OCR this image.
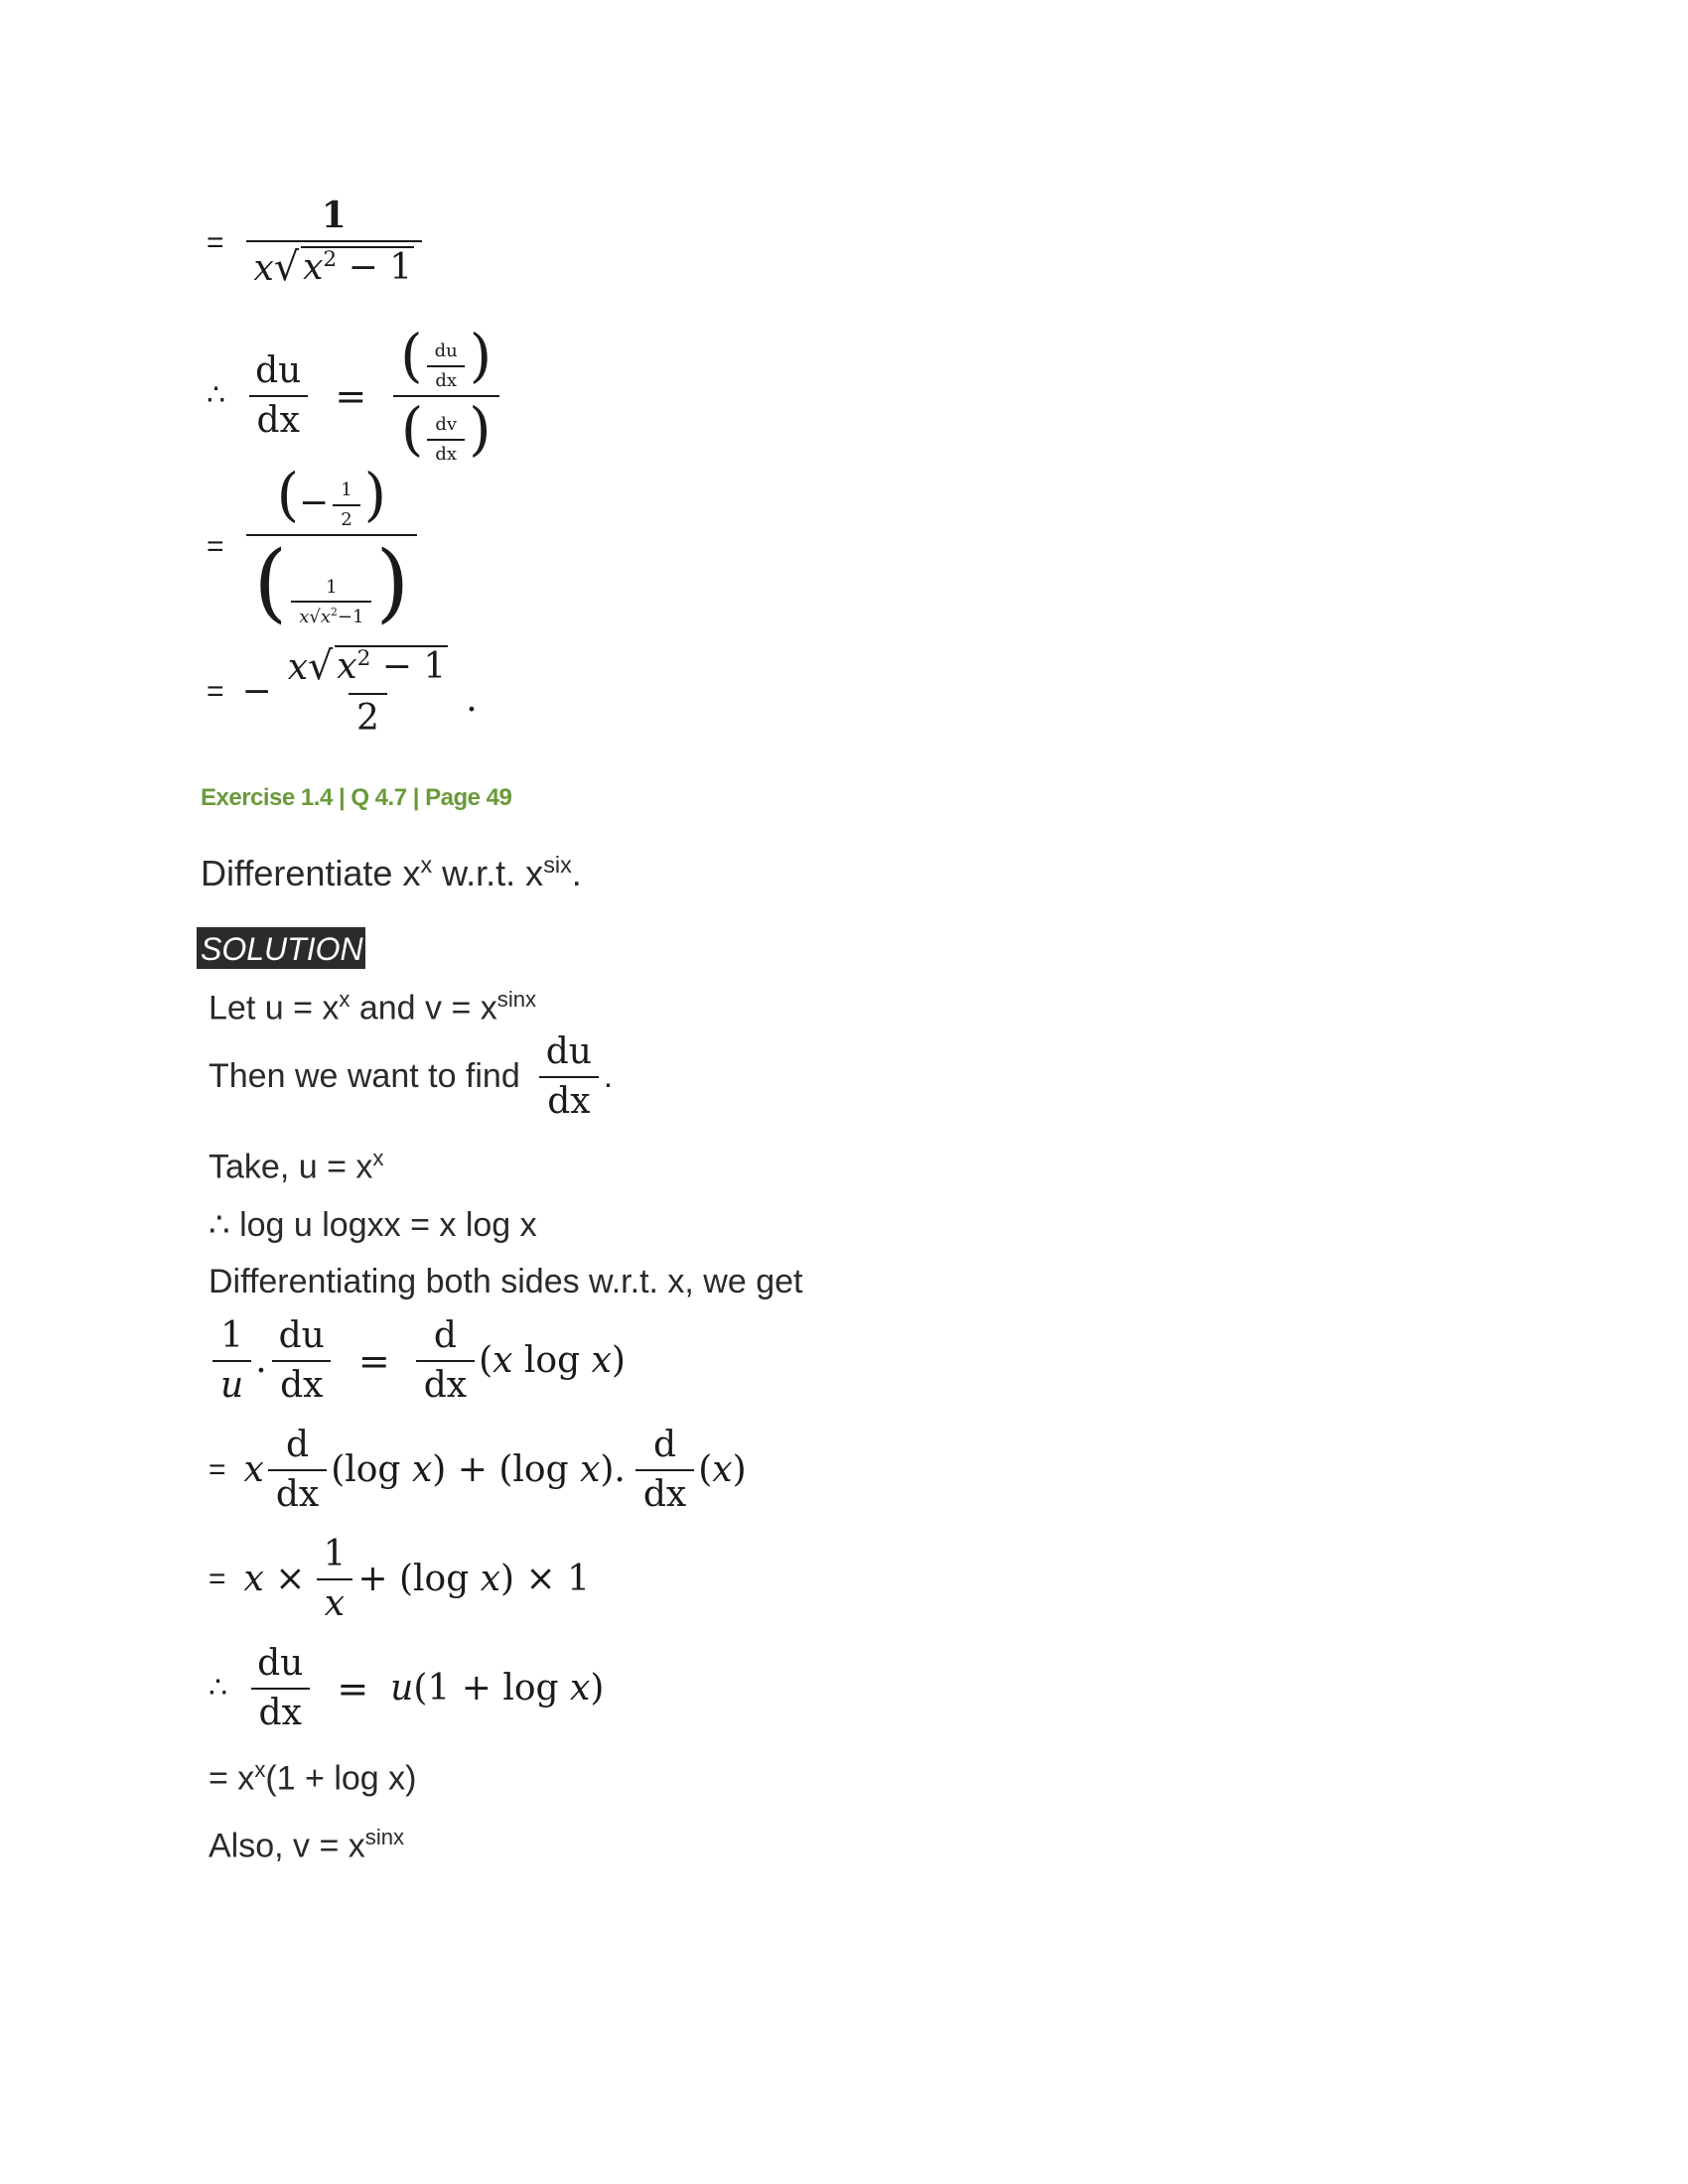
= $\frac{1}{x √ x^2 - 1}$
∴ $\frac{du}{dx} = \frac{( \frac{du}{dx} )}{( \frac{dv}{dx} )}$
= $\frac{(- \frac{1}{2} )}{( \frac{1}{x√x^2-1} )}$
= − $\frac{x √ x^2 - 1}{2}$ .
Exercise 1.4 | Q 4.7 | Page 49
Differentiate $x^x$ w.r.t. $x^{six}$.
SOLUTION
Let $u = x^x$ and $v = x^{sinx}$
Then we want to find $\frac{du}{dx}$ .
Take, $u = x^x$
∴ log u logxx = x log x
Differentiating both sides w.r.t. x, we get
$\frac{1}{u}$ . $\frac{du}{dx} = \frac{d}{dx} (x$ log x)
= x $\frac{d}{dx} (\log$ x) + (log x). $\frac{d}{dx} (x)$
= $x \times \frac{1}{x} + (\log$ x) × 1
∴ $\frac{du}{dx} = u(1 + \log x)$
= $x^x(1 + \log x)$
Also, $v = x^{sinx}$
